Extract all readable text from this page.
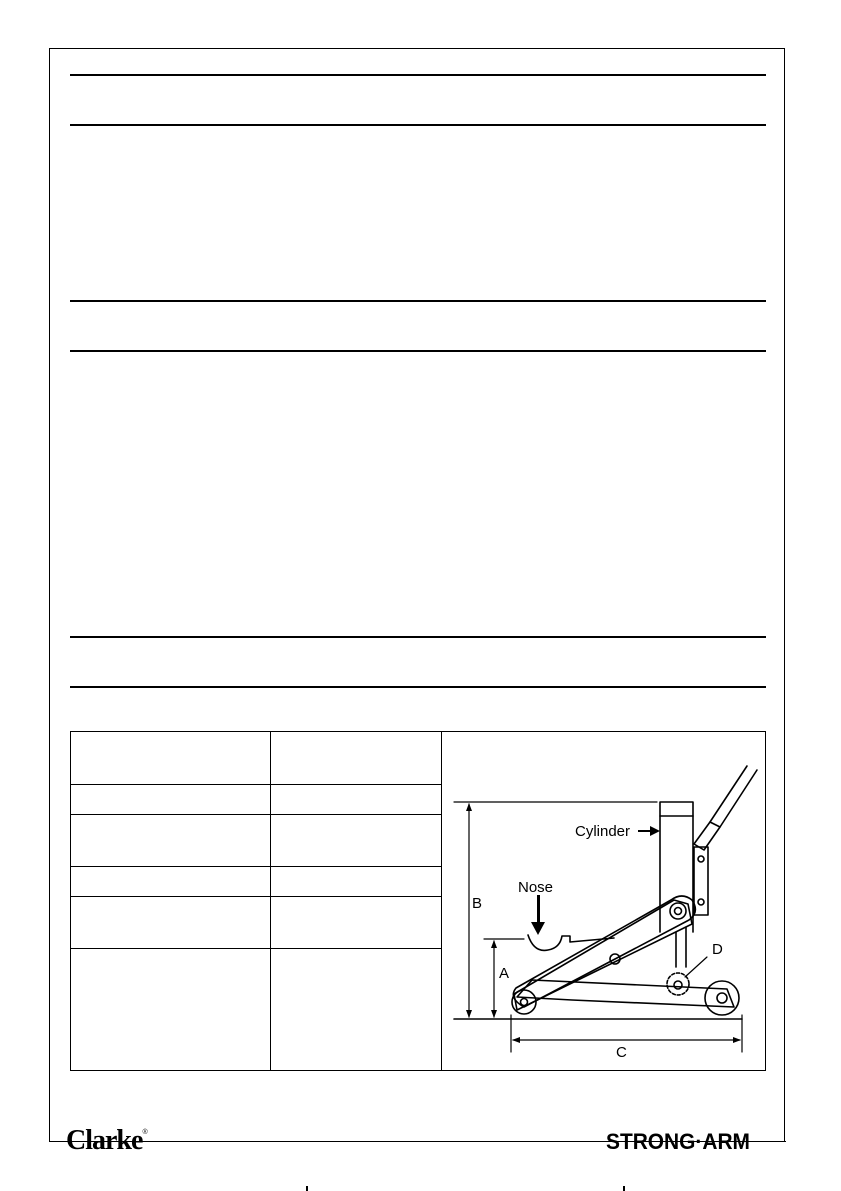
Cylinder
Nose
B
A
C
D
Clarke®	STRONG·ARM
